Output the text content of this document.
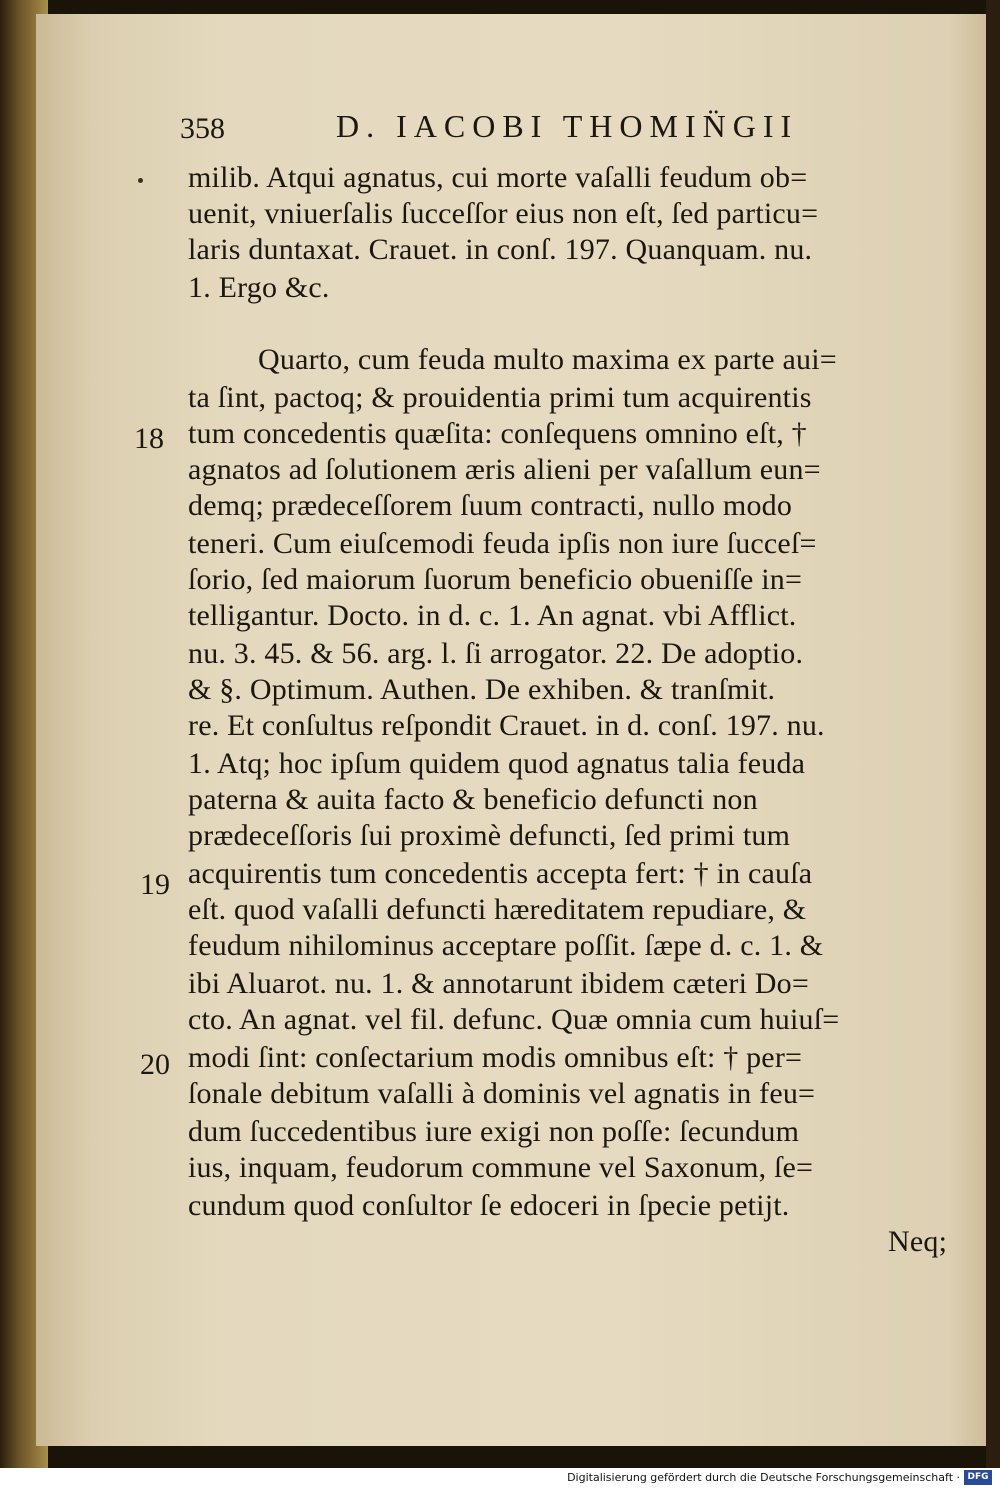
358	D. IACOBI THOMIN̈GII
18
19
20
milib. Atqui agnatus, cui morte vaſalli feudum ob=
uenit, vniuerſalis ſucceſſor eius non eſt, ſed particu=
laris duntaxat. Crauet. in conſ. 197. Quanquam. nu.
1. Ergo &c.
Quarto, cum feuda multo maxima ex parte aui=
ta ſint, pactoq; & prouidentia primi tum acquirentis
tum concedentis quæſita: conſequens omnino eſt, †
agnatos ad ſolutionem æris alieni per vaſallum eun=
demq; prædeceſſorem ſuum contracti, nullo modo
teneri. Cum eiuſcemodi feuda ipſis non iure ſucceſ=
ſorio, ſed maiorum ſuorum beneficio obueniſſe in=
telligantur. Docto. in d. c. 1. An agnat. vbi Afflict.
nu. 3. 45. & 56. arg. l. ſi arrogator. 22. De adoptio.
& §. Optimum. Authen. De exhiben. & tranſmit.
re. Et conſultus reſpondit Crauet. in d. conſ. 197. nu.
1. Atq; hoc ipſum quidem quod agnatus talia feuda
paterna & auita facto & beneficio defuncti non
prædeceſſoris ſui proximè defuncti, ſed primi tum
acquirentis tum concedentis accepta fert: † in cauſa
eſt. quod vaſalli defuncti hæreditatem repudiare, &
feudum nihilominus acceptare poſſit. ſæpe d. c. 1. &
ibi Aluarot. nu. 1. & annotarunt ibidem cæteri Do=
cto. An agnat. vel fil. defunc. Quæ omnia cum huiuſ=
modi ſint: conſectarium modis omnibus eſt: † per=
ſonale debitum vaſalli à dominis vel agnatis in feu=
dum ſuccedentibus iure exigi non poſſe: ſecundum
ius, inquam, feudorum commune vel Saxonum, ſe=
cundum quod conſultor ſe edoceri in ſpecie petijt.
Neq;
Digitalisierung gefördert durch die Deutsche Forschungsgemeinschaft · DFG
